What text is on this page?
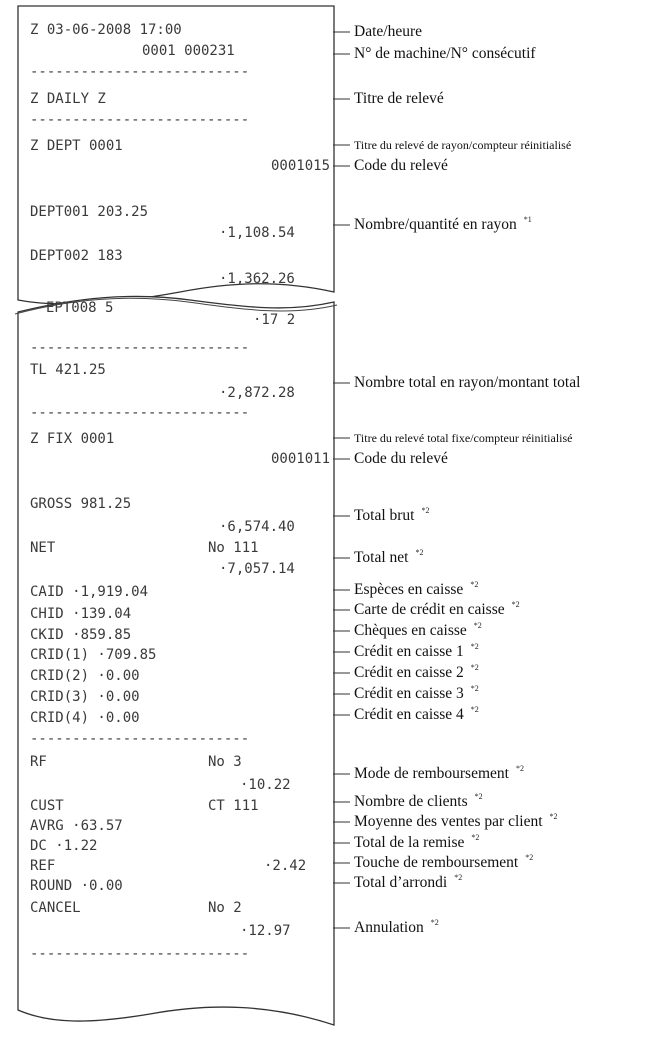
·17 2
Z 03-06-2008 17:00
0001 000231
--------------------------
Z DAILY Z
--------------------------
Z DEPT 0001
0001015
DEPT001 203.25
·1,108.54
DEPT002 183
·1,362.26
EPT008 5
--------------------------
TL 421.25
·2,872.28
--------------------------
Z FIX 0001
0001011
GROSS 981.25
·6,574.40
NET	No 111
·7,057.14
CAID ·1,919.04
CHID ·139.04
CKID ·859.85
CRID(1) ·709.85
CRID(2) ·0.00
CRID(3) ·0.00
CRID(4) ·0.00
--------------------------
RF	No 3
·10.22
CUST	CT 111
AVRG ·63.57
DC ·1.22
REF	·2.42
ROUND ·0.00
CANCEL	No 2
·12.97
--------------------------
Date/heure
N° de machine/N° consécutif
Titre de relevé
Titre du relevé de rayon/compteur réinitialisé
Code du relevé
Nombre/quantité en rayon *1
Nombre total en rayon/montant total
Titre du relevé total fixe/compteur réinitialisé
Code du relevé
Total brut *2
Total net *2
Espèces en caisse *2
Carte de crédit en caisse *2
Chèques en caisse *2
Crédit en caisse 1 *2
Crédit en caisse 2 *2
Crédit en caisse 3 *2
Crédit en caisse 4 *2
Mode de remboursement *2
Nombre de clients *2
Moyenne des ventes par client *2
Total de la remise *2
Touche de remboursement *2
Total d’arrondi *2
Annulation *2
